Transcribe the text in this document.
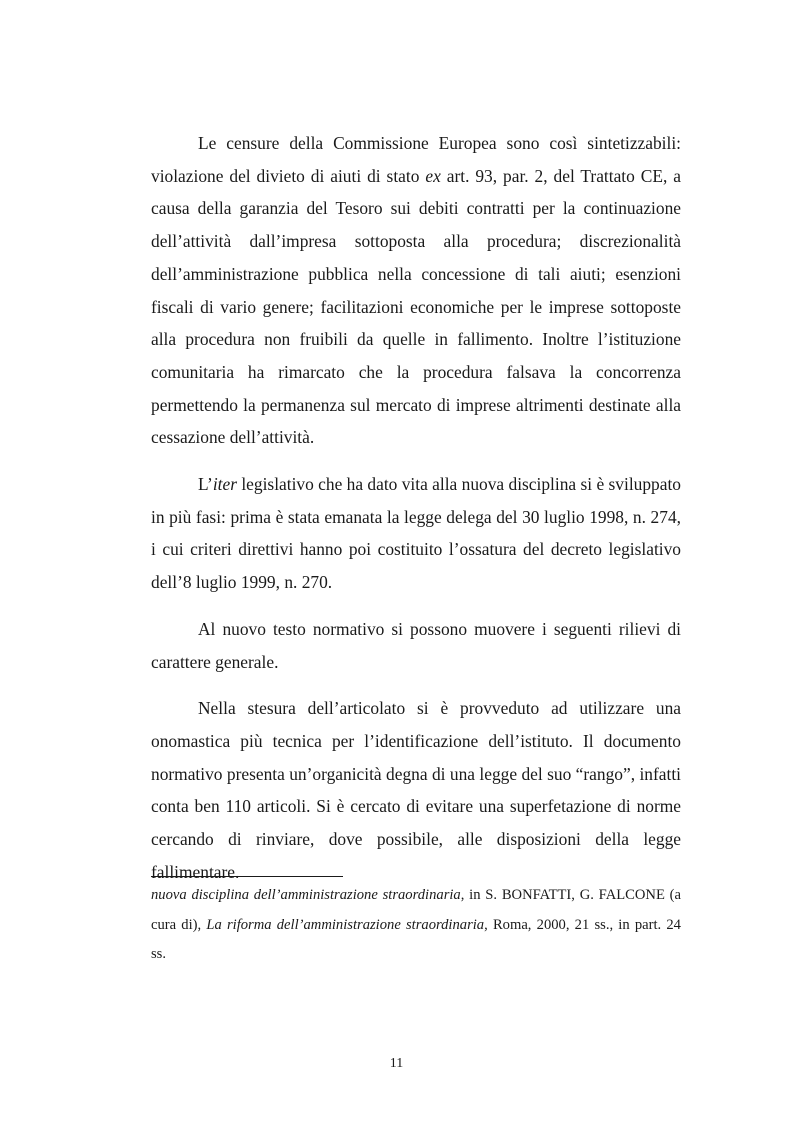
Le censure della Commissione Europea sono così sintetizzabili: violazione del divieto di aiuti di stato ex art. 93, par. 2, del Trattato CE, a causa della garanzia del Tesoro sui debiti contratti per la continuazione dell’attività dall’impresa sottoposta alla procedura; discrezionalità dell’amministrazione pubblica nella concessione di tali aiuti; esenzioni fiscali di vario genere; facilitazioni economiche per le imprese sottoposte alla procedura non fruibili da quelle in fallimento. Inoltre l’istituzione comunitaria ha rimarcato che la procedura falsava la concorrenza permettendo la permanenza sul mercato di imprese altrimenti destinate alla cessazione dell’attività.

L’iter legislativo che ha dato vita alla nuova disciplina si è sviluppato in più fasi: prima è stata emanata la legge delega del 30 luglio 1998, n. 274, i cui criteri direttivi hanno poi costituito l’ossatura del decreto legislativo dell’8 luglio 1999, n. 270.

Al nuovo testo normativo si possono muovere i seguenti rilievi di carattere generale.

Nella stesura dell’articolato si è provveduto ad utilizzare una onomastica più tecnica per l’identificazione dell’istituto. Il documento normativo presenta un’organicità degna di una legge del suo “rango”, infatti conta ben 110 articoli. Si è cercato di evitare una superfetazione di norme cercando di rinviare, dove possibile, alle disposizioni della legge fallimentare.

nuova disciplina dell’amministrazione straordinaria, in S. BONFATTI, G. FALCONE (a cura di), La riforma dell’amministrazione straordinaria, Roma, 2000, 21 ss., in part. 24 ss.

11
